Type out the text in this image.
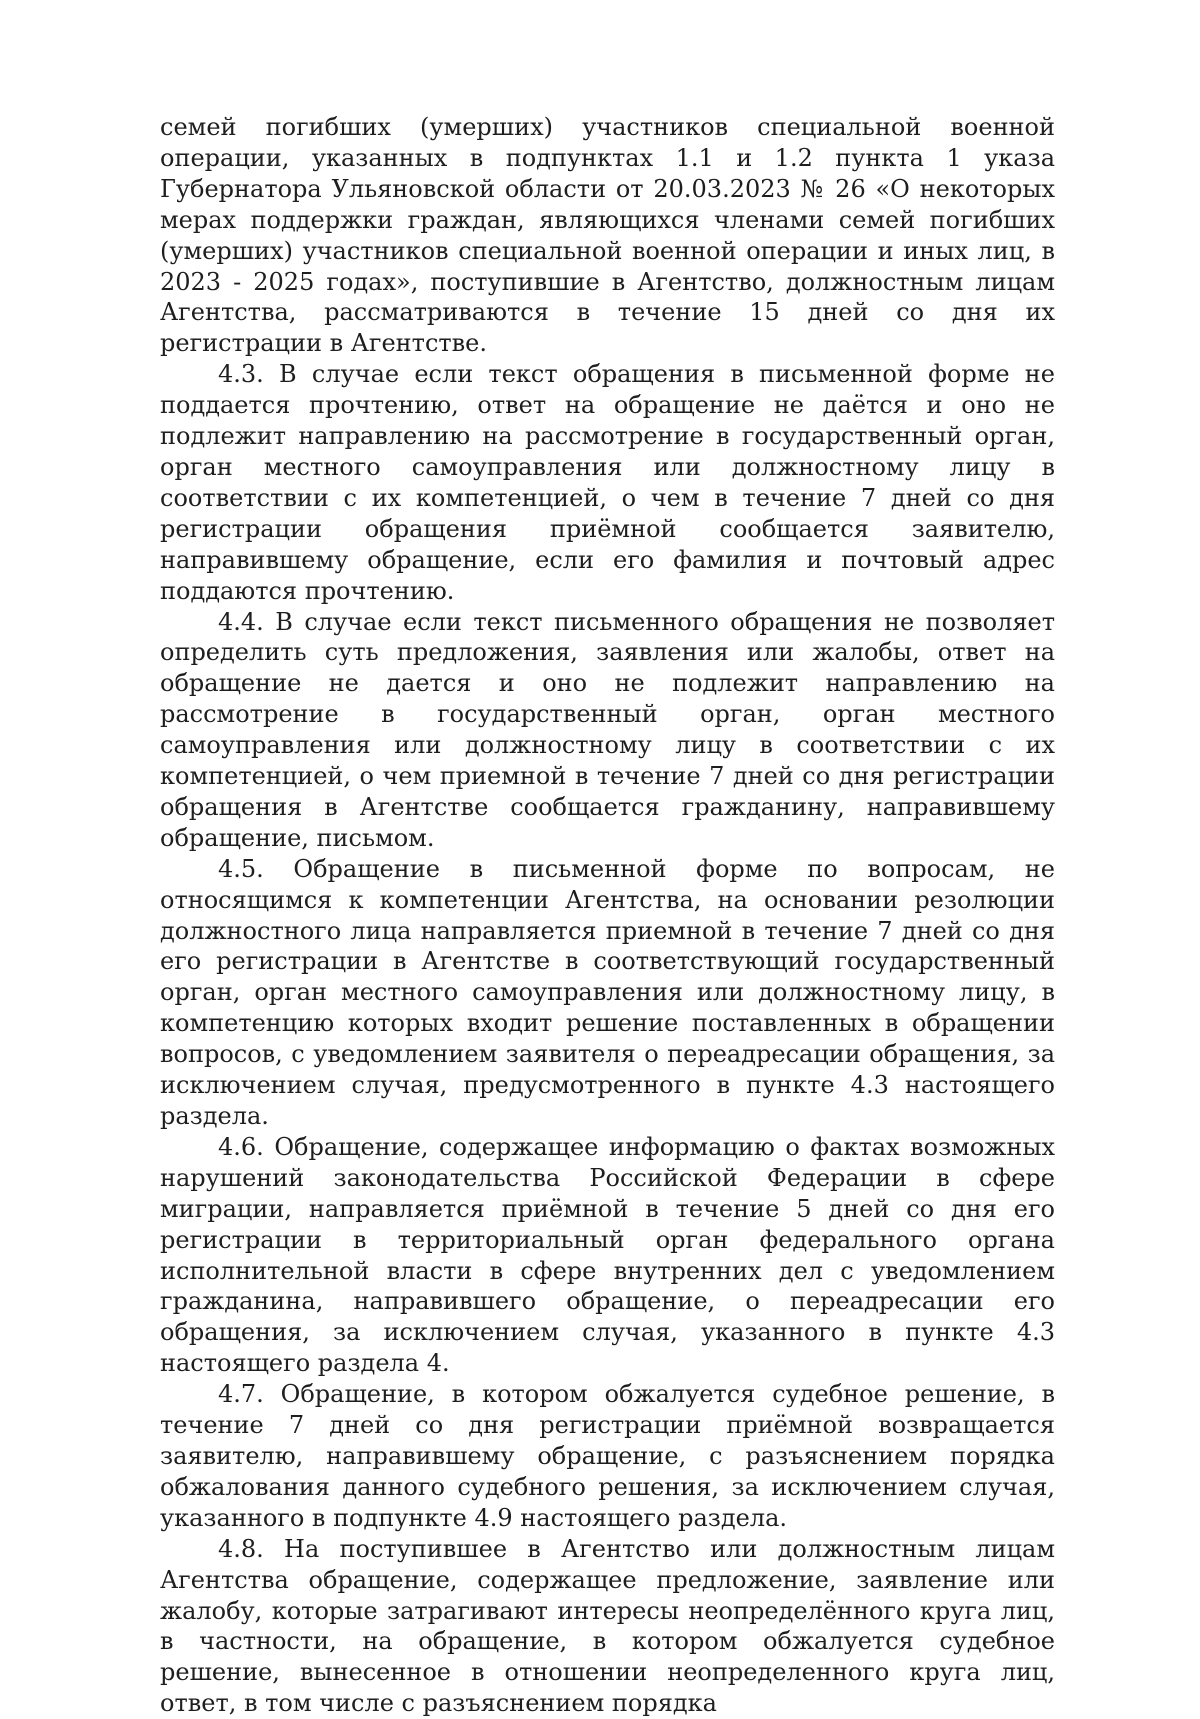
семей погибших (умерших) участников специальной военной операции, указанных в подпунктах 1.1 и 1.2 пункта 1 указа Губернатора Ульяновской области от 20.03.2023 № 26 «О некоторых мерах поддержки граждан, являющихся членами семей погибших (умерших) участников специальной военной операции и иных лиц, в 2023 - 2025 годах», поступившие в Агентство, должностным лицам Агентства, рассматриваются в течение 15 дней со дня их регистрации в Агентстве.

4.3. В случае если текст обращения в письменной форме не поддается прочтению, ответ на обращение не даётся и оно не подлежит направлению на рассмотрение в государственный орган, орган местного самоуправления или должностному лицу в соответствии с их компетенцией, о чем в течение 7 дней со дня регистрации обращения приёмной сообщается заявителю, направившему обращение, если его фамилия и почтовый адрес поддаются прочтению.

4.4. В случае если текст письменного обращения не позволяет определить суть предложения, заявления или жалобы, ответ на обращение не дается и оно не подлежит направлению на рассмотрение в государственный орган, орган местного самоуправления или должностному лицу в соответствии с их компетенцией, о чем приемной в течение 7 дней со дня регистрации обращения в Агентстве сообщается гражданину, направившему обращение, письмом.

4.5. Обращение в письменной форме по вопросам, не относящимся к компетенции Агентства, на основании резолюции должностного лица направляется приемной в течение 7 дней со дня его регистрации в Агентстве в соответствующий государственный орган, орган местного самоуправления или должностному лицу, в компетенцию которых входит решение поставленных в обращении вопросов, с уведомлением заявителя о переадресации обращения, за исключением случая, предусмотренного в пункте 4.3 настоящего раздела.

4.6. Обращение, содержащее информацию о фактах возможных нарушений законодательства Российской Федерации в сфере миграции, направляется приёмной в течение 5 дней со дня его регистрации в территориальный орган федерального органа исполнительной власти в сфере внутренних дел с уведомлением гражданина, направившего обращение, о переадресации его обращения, за исключением случая, указанного в пункте 4.3 настоящего раздела 4.

4.7. Обращение, в котором обжалуется судебное решение, в течение 7 дней со дня регистрации приёмной возвращается заявителю, направившему обращение, с разъяснением порядка обжалования данного судебного решения, за исключением случая, указанного в подпункте 4.9 настоящего раздела.

4.8. На поступившее в Агентство или должностным лицам Агентства обращение, содержащее предложение, заявление или жалобу, которые затрагивают интересы неопределённого круга лиц, в частности, на обращение, в котором обжалуется судебное решение, вынесенное в отношении неопределенного круга лиц, ответ, в том числе с разъяснением порядка
